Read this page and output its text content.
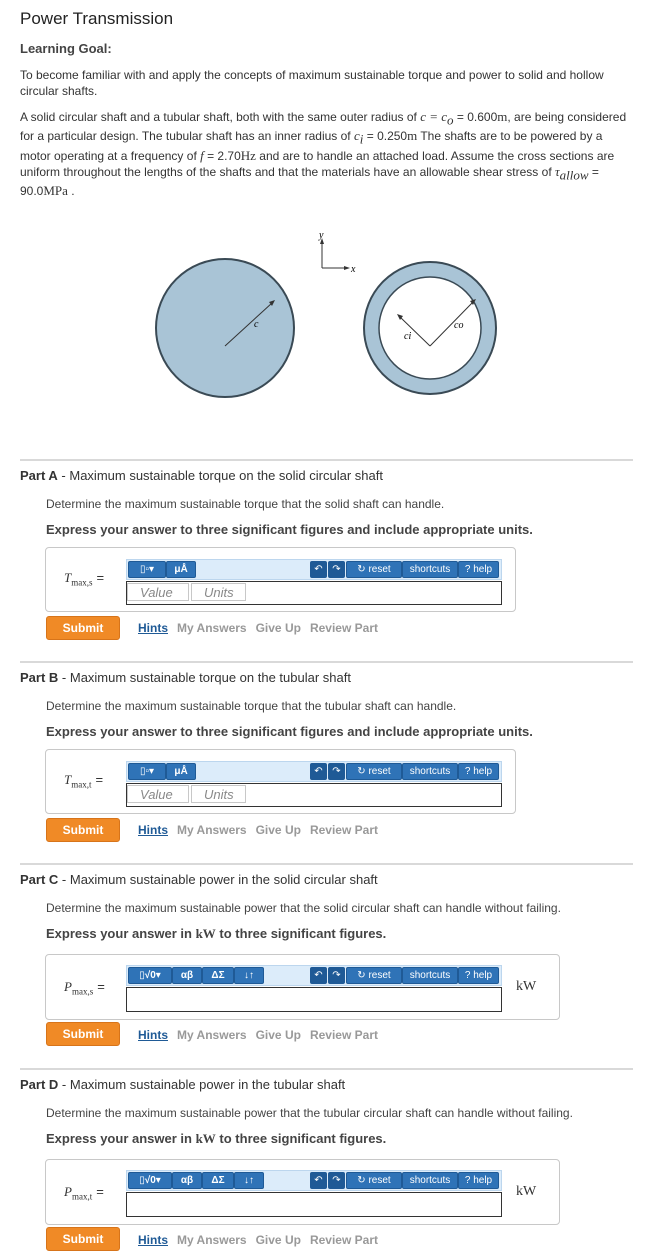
Power Transmission
Learning Goal:
To become familiar with and apply the concepts of maximum sustainable torque and power to solid and hollow circular shafts.
A solid circular shaft and a tubular shaft, both with the same outer radius of $c = c_o = 0.600m$, are being considered for a particular design. The tubular shaft has an inner radius of $c_i = 0.250m$ The shafts are to be powered by a motor operating at a frequency of f = 2.70Hz and are to handle an attached load. Assume the cross sections are uniform throughout the lengths of the shafts and that the materials have an allowable shear stress of $\tau_{allow} = 90.0MPa$ .
y
x
c
ci
co
Part A - Maximum sustainable torque on the solid circular shaft
Determine the maximum sustainable torque that the solid shaft can handle.
Express your answer to three significant figures and include appropriate units.
$T_{max,s}$ =
▯▫▾	μÅ	↶ ↷	↻ reset	shortcuts	? help
Value	Units
Submit	Hints My Answers Give Up Review Part
Part B - Maximum sustainable torque on the tubular shaft
Determine the maximum sustainable torque that the tubular shaft can handle.
Express your answer to three significant figures and include appropriate units.
$T_{max,t}$ =
▯▫▾	μÅ	↶ ↷	↻ reset	shortcuts	? help
Value	Units
Submit	Hints My Answers Give Up Review Part
Part C - Maximum sustainable power in the solid circular shaft
Determine the maximum sustainable power that the solid circular shaft can handle without failing.
Express your answer in kW to three significant figures.
$P_{max,s}$ =
▯√0▾	αβ	ΔΣ	↓↑	↶ ↷	↻ reset	shortcuts	? help
kW
Submit	Hints My Answers Give Up Review Part
Part D - Maximum sustainable power in the tubular shaft
Determine the maximum sustainable power that the tubular circular shaft can handle without failing.
Express your answer in kW to three significant figures.
$P_{max,t}$ =
▯√0▾	αβ	ΔΣ	↓↑	↶ ↷	↻ reset	shortcuts	? help
kW
Submit	Hints My Answers Give Up Review Part
